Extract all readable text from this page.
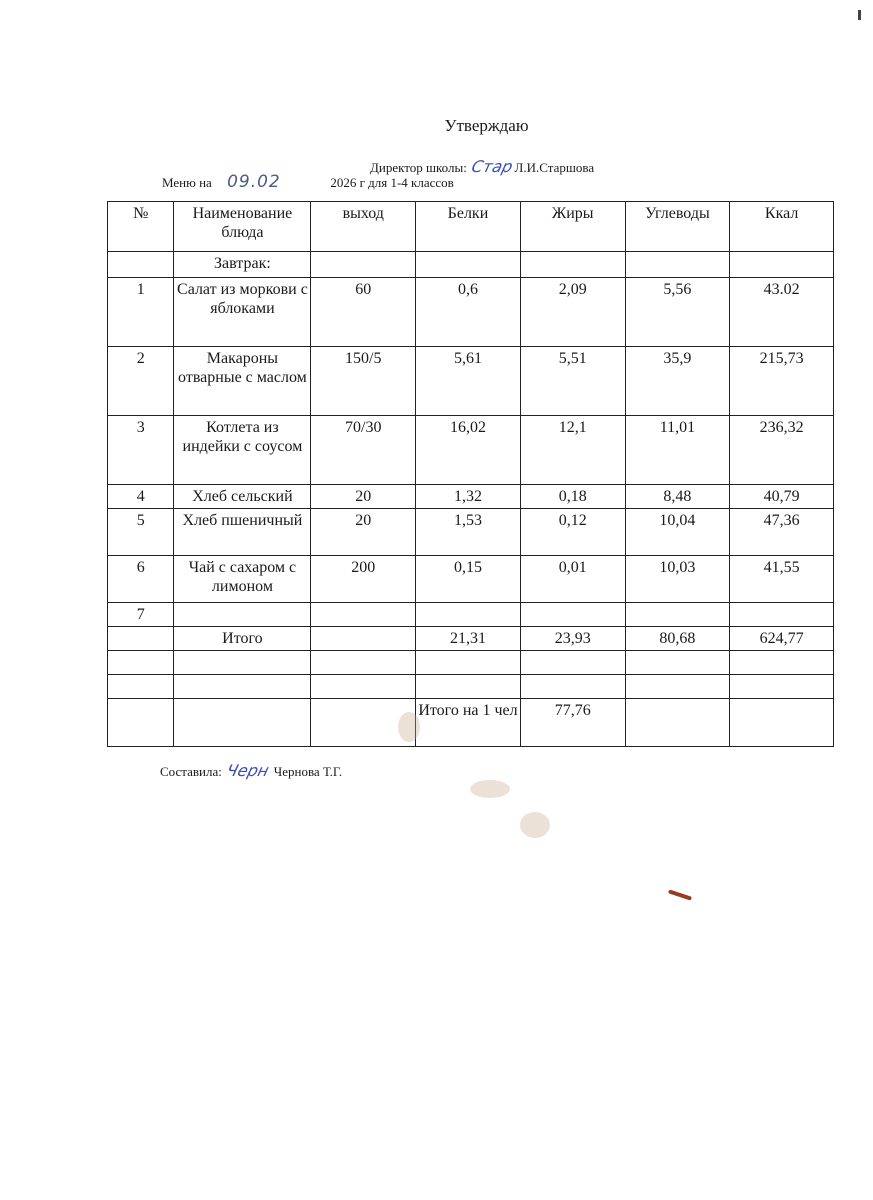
Утверждаю
Директор школы: СтарЛ.И.Старшова
Меню на 09.02	2026 г для 1-4 классов
№	Наименование блюда	выход	Белки	Жиры	Углеводы	Ккал
	Завтрак:					
1	Салат из моркови с яблоками	60	0,6	2,09	5,56	43.02
2	Макароны отварные с маслом	150/5	5,61	5,51	35,9	215,73
3	Котлета из индейки с соусом	70/30	16,02	12,1	11,01	236,32
4	Хлеб сельский	20	1,32	0,18	8,48	40,79
5	Хлеб пшеничный	20	1,53	0,12	10,04	47,36
6	Чай с сахаром с лимоном	200	0,15	0,01	10,03	41,55
7						
	Итого		21,31	23,93	80,68	624,77

			Итого на 1 чел	77,76		
Составила: Черн Чернова Т.Г.
